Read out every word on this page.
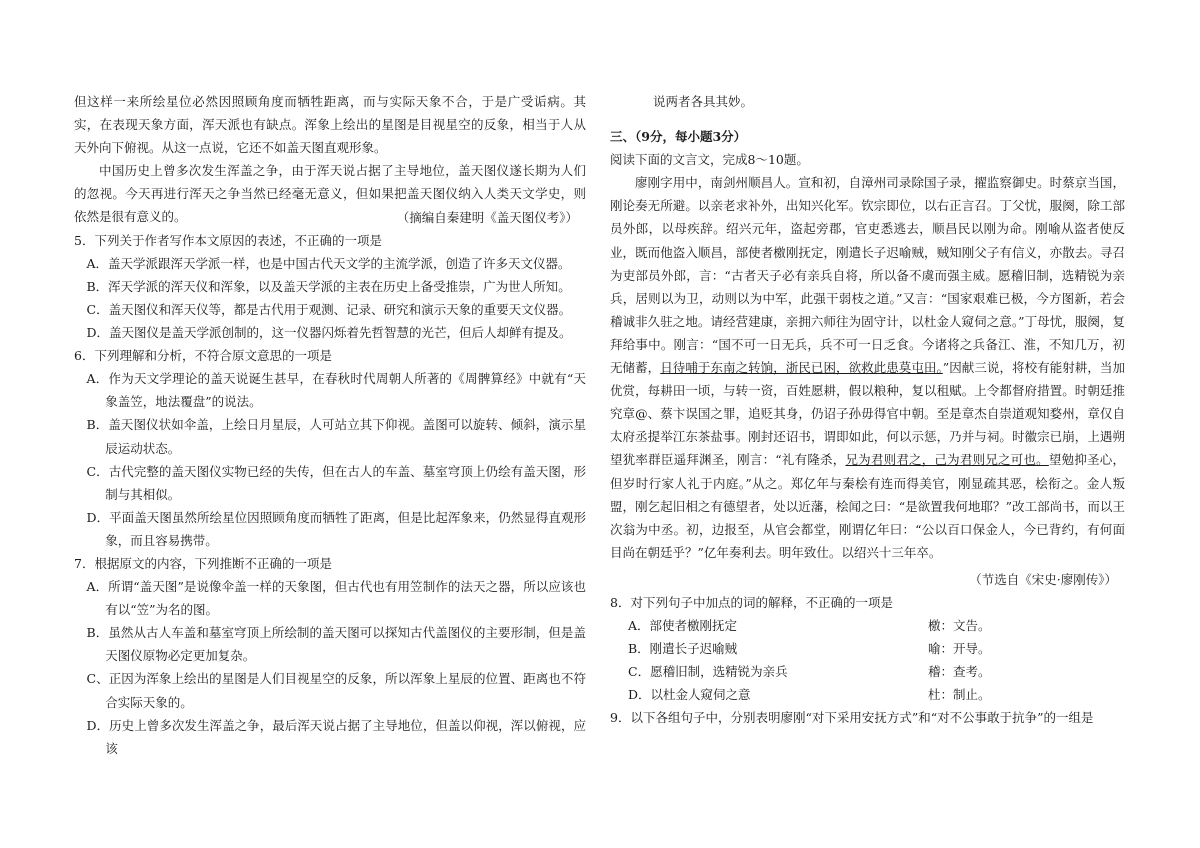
但这样一来所绘星位必然因照顾角度而牺牲距离，而与实际天象不合，于是广受诟病。其实，在表现天象方面，浑天派也有缺点。浑象上绘出的星图是目视星空的反象，相当于人从天外向下俯视。从这一点说，它还不如盖天图直观形象。
中国历史上曾多次发生浑盖之争，由于浑天说占据了主导地位，盖天图仪遂长期为人们的忽视。今天再进行浑天之争当然已经毫无意义，但如果把盖天图仪纳入人类天文学史，则依然是很有意义的。	（摘编自秦建明《盖天图仪考》）
5．下列关于作者写作本文原因的表述，不正确的一项是
A．盖天学派跟浑天学派一样，也是中国古代天文学的主流学派，创造了许多天文仪器。
B．浑天学派的浑天仪和浑象，以及盖天学派的主表在历史上备受推崇，广为世人所知。
C．盖天图仪和浑天仪等，都是古代用于观测、记录、研究和演示天象的重要天文仪器。
D．盖天图仪是盖天学派创制的，这一仪器闪烁着先哲智慧的光芒，但后人却鲜有提及。
6．下列理解和分析，不符合原文意思的一项是
A．作为天文学理论的盖天说诞生甚早，在春秋时代周朝人所著的《周髀算经》中就有“天象盖笠，地法覆盘”的说法。
B．盖天图仪状如伞盖，上绘日月星辰，人可站立其下仰视。盖图可以旋转、倾斜，演示星辰运动状态。
C．古代完整的盖天图仪实物已经的失传，但在古人的车盖、墓室穹顶上仍绘有盖天图，形制与其相似。
D．平面盖天图虽然所绘星位因照顾角度而牺牲了距离，但是比起浑象来，仍然显得直观形象，而且容易携带。
7．根据原文的内容，下列推断不正确的一项是
A．所谓“盖天图”是说像伞盖一样的天象图，但古代也有用笠制作的法天之器，所以应该也有以“笠”为名的图。
B．虽然从古人车盖和墓室穹顶上所绘制的盖天图可以探知古代盖图仪的主要形制，但是盖天图仪原物必定更加复杂。
C、正因为浑象上绘出的星图是人们目视星空的反象，所以浑象上星辰的位置、距离也不符合实际天象的。
D．历史上曾多次发生浑盖之争，最后浑天说占据了主导地位，但盖以仰视，浑以俯视，应该
说两者各具其妙。
三、（9分，每小题3分）
阅读下面的文言文，完成8～10题。
廖刚字用中，南剑州顺昌人。宣和初，自漳州司录除国子录，擢监察御史。时蔡京当国，刚论奏无所避。以亲老求补外，出知兴化军。钦宗即位，以右正言召。丁父忧，服阕，除工部员外郎，以母疾辞。绍兴元年，盗起旁郡，官吏悉逃去，顺昌民以刚为命。刚喻从盗者使反业，既而他盗入顺昌，部使者檄刚抚定，刚遣长子迟喻贼，贼知刚父子有信义，亦散去。寻召为吏部员外郎，言：“古者天子必有亲兵自将，所以备不虞而强主威。愿稽旧制，选精锐为亲兵，居则以为卫，动则以为中军，此强干弱枝之道。”又言：“国家艰难已极，今方图新，若会稽诚非久驻之地。请经营建康，亲拥六师往为固守计，以杜金人窥伺之意。”丁母忧，服阕，复拜给事中。刚言：“国不可一日无兵，兵不可一日乏食。今诸将之兵备江、淮，不知几万，初无储蓄，日待哺于东南之转饷，浙民已困，欲救此患莫屯田。”因献三说，将校有能射耕，当加优赏，每耕田一顷，与转一资，百姓愿耕，假以粮种，复以租赋。上令都督府措置。时朝廷推究章@、蔡卞误国之罪，追贬其身，仍诏子孙毋得官中朝。至是章杰自崇道观知婺州，章仅自太府丞提举江东茶盐事。刚封还诏书，谓即如此，何以示惩，乃并与祠。时徽宗已崩，上遇朔望犹率群臣遥拜渊圣，刚言：“礼有隆杀，兄为君则君之，己为君则兄之可也。望勉抑圣心，但岁时行家人礼于内庭。”从之。郑亿年与秦桧有连而得美官，刚显疏其恶，桧衔之。金人叛盟，刚乞起旧相之有德望者，处以近藩，桧闻之曰：“是欲置我何地耶？”改工部尚书，而以王次翁为中丞。初，边报至，从官会都堂，刚谓亿年曰：“公以百口保金人，今已背约，有何面目尚在朝廷乎？”亿年奏利去。明年致仕。以绍兴十三年卒。
（节选自《宋史·廖刚传》）
8．对下列句子中加点的词的解释，不正确的一项是
A．部使者檄刚抚定	檄：文告。
B．刚遣长子迟喻贼	喻：开导。
C．愿稽旧制，选精锐为亲兵	稽：查考。
D．以杜金人窥伺之意	杜：制止。
9．以下各组句子中，分别表明廖刚“对下采用安抚方式”和“对不公事敢于抗争”的一组是
